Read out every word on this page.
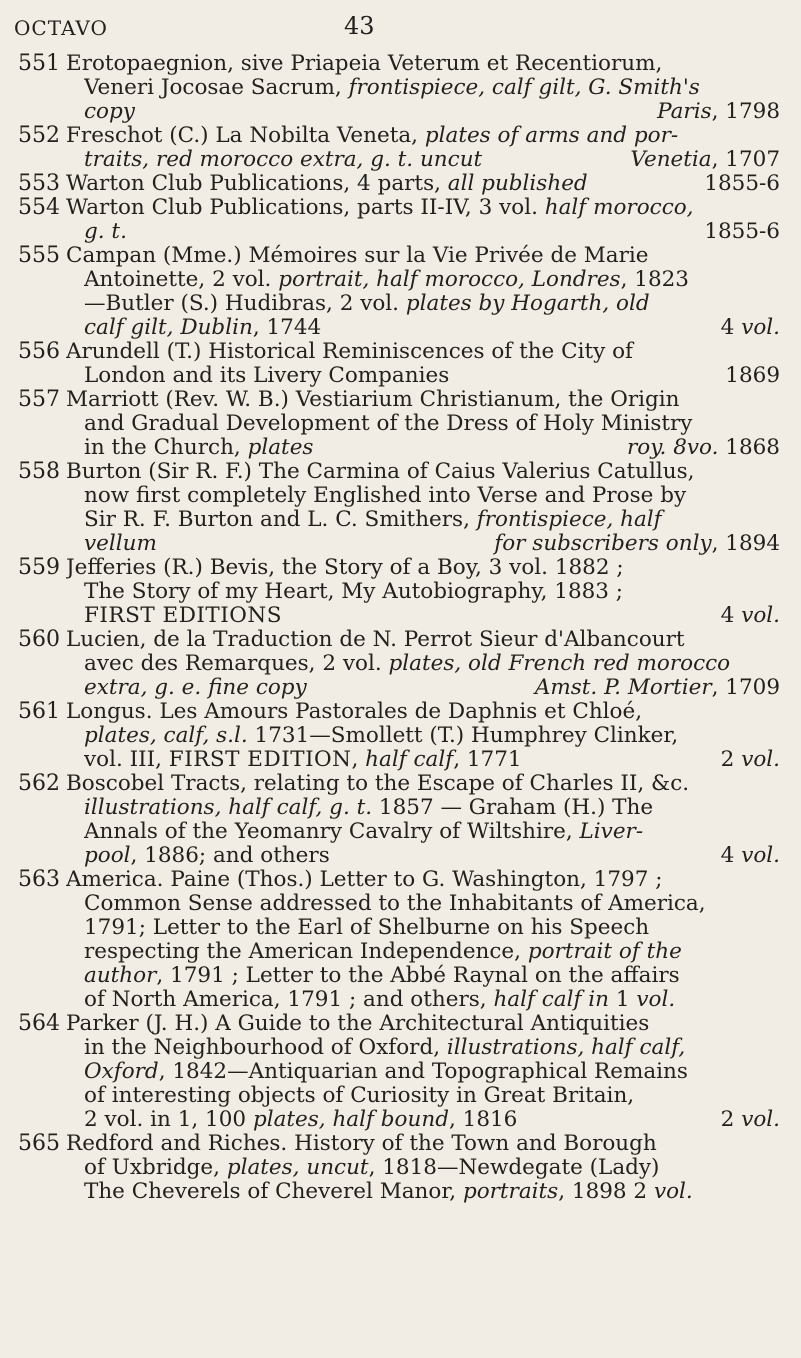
OCTAVO	43
551 Erotopaegnion, sive Priapeia Veterum et Recentiorum,
Veneri Jocosae Sacrum, frontispiece, calf gilt, G. Smith's
Paris, 1798
copy
552 Freschot (C.) La Nobilta Veneta, plates of arms and por-
Venetia, 1707
traits, red morocco extra, g. t. uncut
553	1855-6
Warton Club Publications, 4 parts, all published
554 Warton Club Publications, parts II-IV, 3 vol. half morocco,
1855-6
g. t.
555 Campan (Mme.) Mémoires sur la Vie Privée de Marie
Antoinette, 2 vol. portrait, half morocco, Londres, 1823
—Butler (S.) Hudibras, 2 vol. plates by Hogarth, old
4 vol.
calf gilt, Dublin, 1744
556 Arundell (T.) Historical Reminiscences of the City of
1869
London and its Livery Companies
557 Marriott (Rev. W. B.) Vestiarium Christianum, the Origin
and Gradual Development of the Dress of Holy Ministry
roy. 8vo. 1868
in the Church, plates
558 Burton (Sir R. F.) The Carmina of Caius Valerius Catullus,
now first completely Englished into Verse and Prose by
Sir R. F. Burton and L. C. Smithers, frontispiece, half
for subscribers only, 1894
vellum
559 Jefferies (R.) Bevis, the Story of a Boy, 3 vol. 1882 ;
The Story of my Heart, My Autobiography, 1883 ;
4 vol.
FIRST EDITIONS
560 Lucien, de la Traduction de N. Perrot Sieur d'Albancourt
avec des Remarques, 2 vol. plates, old French red morocco
Amst. P. Mortier, 1709
extra, g. e. fine copy
561 Longus. Les Amours Pastorales de Daphnis et Chloé,
plates, calf, s.l. 1731—Smollett (T.) Humphrey Clinker,
2 vol.
vol. III, FIRST EDITION, half calf, 1771
562 Boscobel Tracts, relating to the Escape of Charles II, &c.
illustrations, half calf, g. t. 1857 — Graham (H.) The
Annals of the Yeomanry Cavalry of Wiltshire, Liver-
4 vol.
pool, 1886; and others
563 America. Paine (Thos.) Letter to G. Washington, 1797 ;
Common Sense addressed to the Inhabitants of America,
1791; Letter to the Earl of Shelburne on his Speech
respecting the American Independence, portrait of the
author, 1791 ; Letter to the Abbé Raynal on the affairs
of North America, 1791 ; and others, half calf in 1 vol.
564 Parker (J. H.) A Guide to the Architectural Antiquities
in the Neighbourhood of Oxford, illustrations, half calf,
Oxford, 1842—Antiquarian and Topographical Remains
of interesting objects of Curiosity in Great Britain,
2 vol.
2 vol. in 1, 100 plates, half bound, 1816
565 Redford and Riches. History of the Town and Borough
of Uxbridge, plates, uncut, 1818—Newdegate (Lady)
The Cheverels of Cheverel Manor, portraits, 1898 2 vol.
